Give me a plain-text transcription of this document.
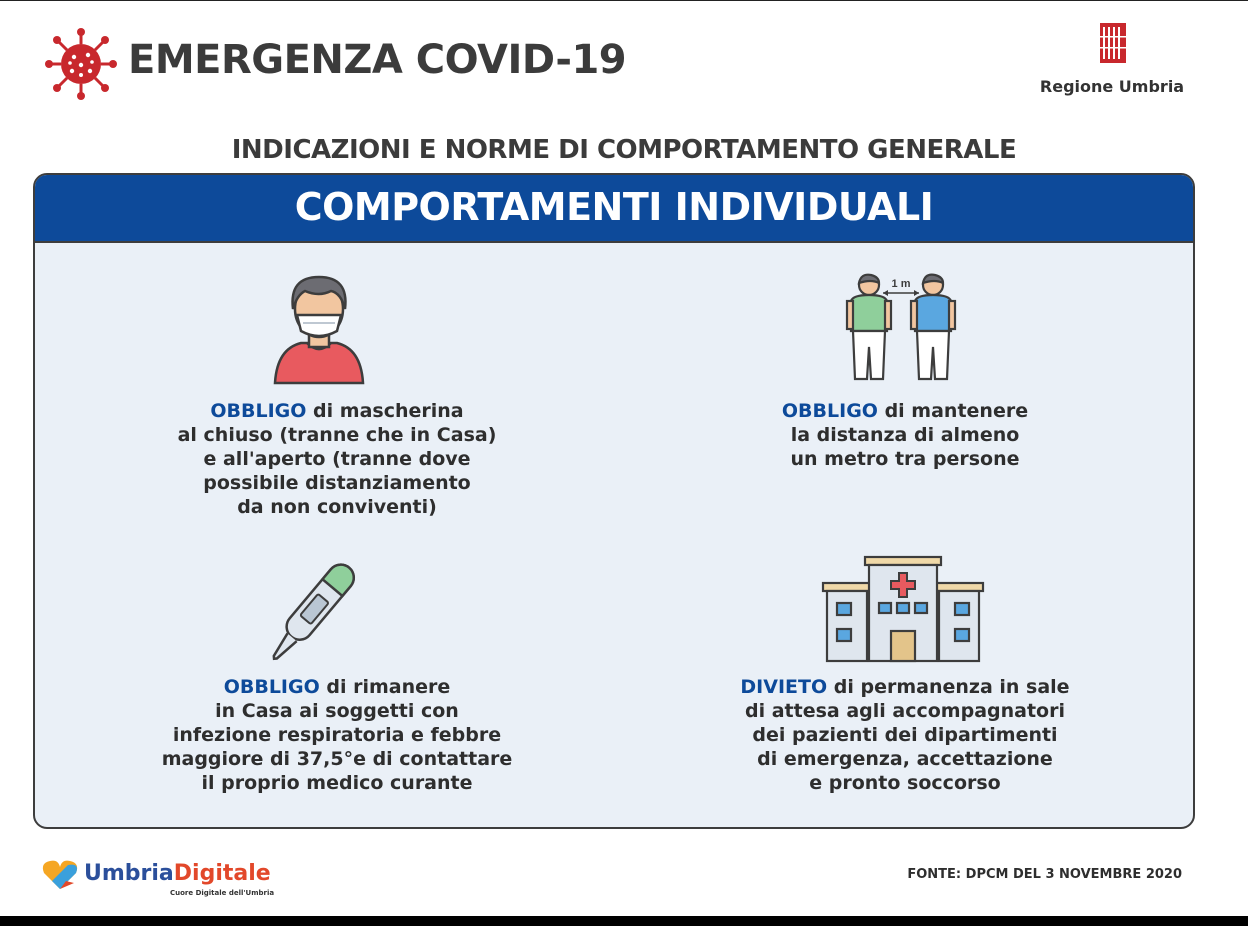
EMERGENZA COVID-19
Regione Umbria
INDICAZIONI E NORME DI COMPORTAMENTO GENERALE
COMPORTAMENTI INDIVIDUALI
OBBLIGO di mascherina
al chiuso (tranne che in Casa)
e all'aperto (tranne dove
possibile distanziamento
da non conviventi)
1 m
OBBLIGO di mantenere
la distanza di almeno
un metro tra persone
OBBLIGO di rimanere
in Casa ai soggetti con
infezione respiratoria e febbre
maggiore di 37,5°e di contattare
il proprio medico curante
DIVIETO di permanenza in sale
di attesa agli accompagnatori
dei pazienti dei dipartimenti
di emergenza, accettazione
e pronto soccorso
UmbriaDigitale
Cuore Digitale dell'Umbria
FONTE: DPCM DEL 3 NOVEMBRE 2020
